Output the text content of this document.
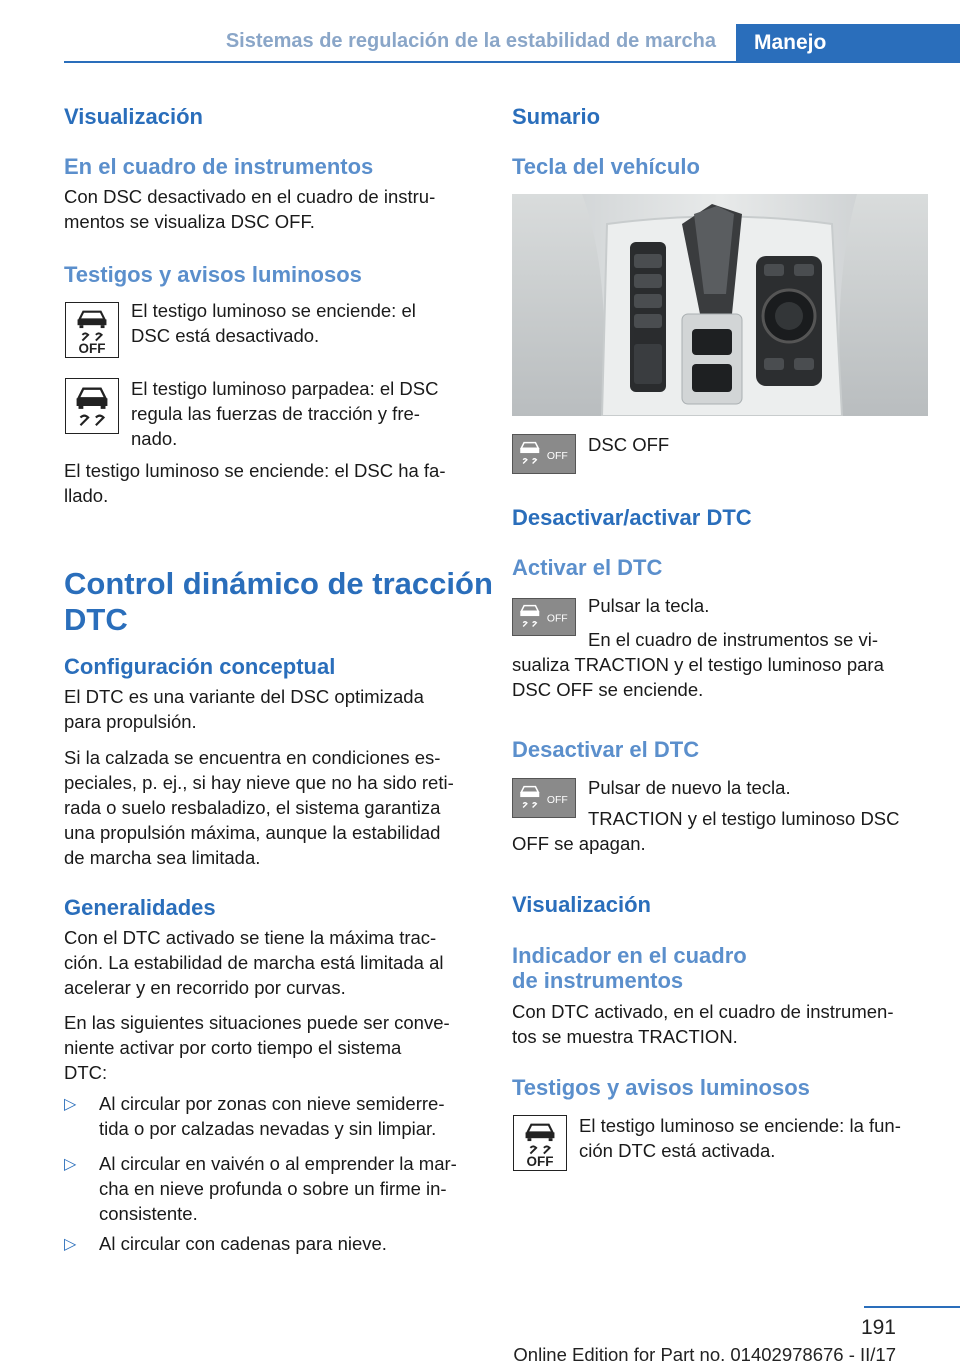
Sistemas de regulación de la estabilidad de marcha	Manejo
Visualización
En el cuadro de instrumentos
Con DSC desactivado en el cuadro de instru‐
mentos se visualiza DSC OFF.
Testigos y avisos luminosos
OFF
El testigo luminoso se enciende: el
DSC está desactivado.
El testigo luminoso parpadea: el DSC
regula las fuerzas de tracción y fre‐
nado.
El testigo luminoso se enciende: el DSC ha fa‐
llado.
Control dinámico de tracción
DTC
Configuración conceptual
El DTC es una variante del DSC optimizada
para propulsión.
Si la calzada se encuentra en condiciones es‐
peciales, p. ej., si hay nieve que no ha sido reti‐
rada o suelo resbaladizo, el sistema garantiza
una propulsión máxima, aunque la estabilidad
de marcha sea limitada.
Generalidades
Con el DTC activado se tiene la máxima trac‐
ción. La estabilidad de marcha está limitada al
acelerar y en recorrido por curvas.
En las siguientes situaciones puede ser conve‐
niente activar por corto tiempo el sistema
DTC:
▷ Al circular por zonas con nieve semiderre‐
tida o por calzadas nevadas y sin limpiar.
▷ Al circular en vaivén o al emprender la mar‐
cha en nieve profunda o sobre un firme in‐
consistente.
▷ Al circular con cadenas para nieve.
Sumario
Tecla del vehículo
OFF
DSC OFF
Desactivar/activar DTC
Activar el DTC
OFF
Pulsar la tecla.
En el cuadro de instrumentos se vi‐
sualiza TRACTION y el testigo luminoso para
DSC OFF se enciende.
Desactivar el DTC
OFF
Pulsar de nuevo la tecla.
TRACTION y el testigo luminoso DSC
OFF se apagan.
Visualización
Indicador en el cuadro
de instrumentos
Con DTC activado, en el cuadro de instrumen‐
tos se muestra TRACTION.
Testigos y avisos luminosos
OFF
El testigo luminoso se enciende: la fun‐
ción DTC está activada.
191
Online Edition for Part no. 01402978676 - II/17
